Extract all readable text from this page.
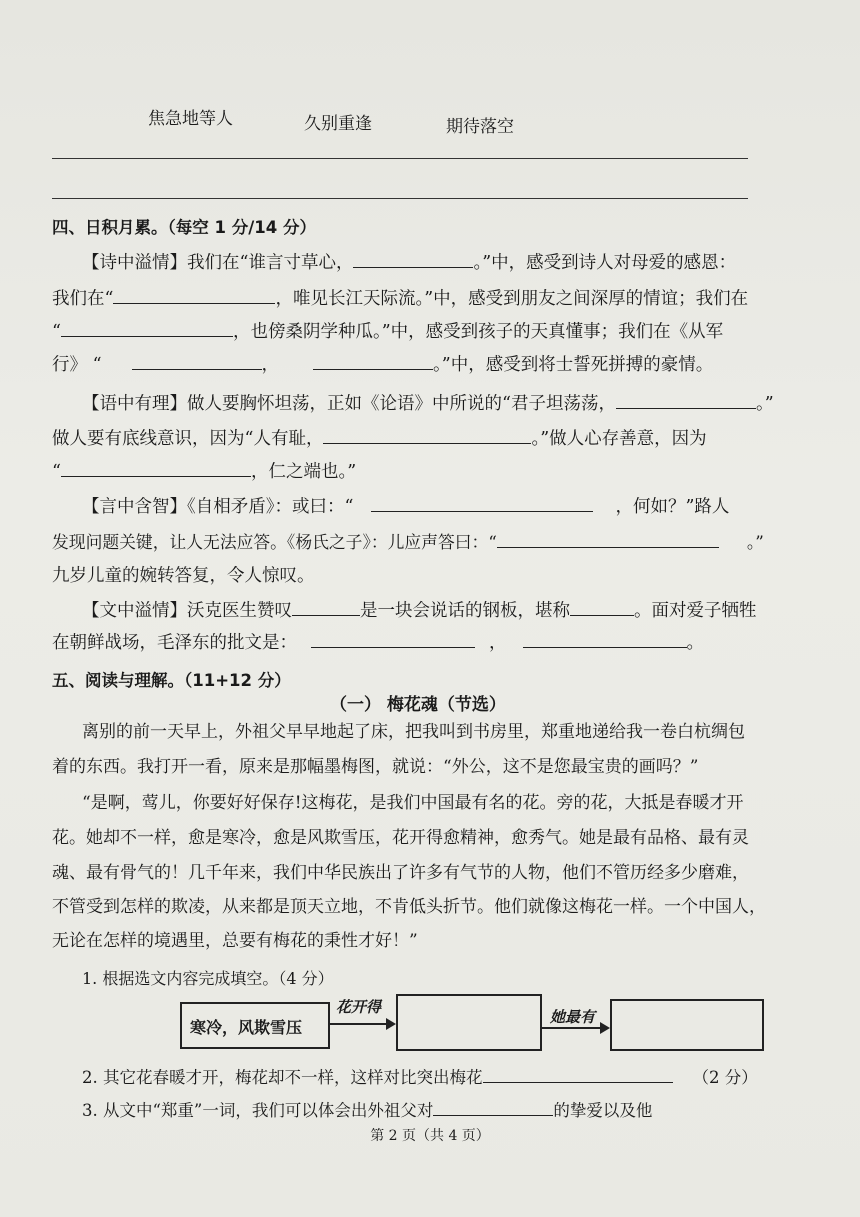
焦急地等人	久别重逢	期待落空
四、日积月累。（每空 1 分/14 分）
【诗中溢情】我们在“谁言寸草心，	。”中，感受到诗人对母爱的感恩：
我们在“	，唯见长江天际流。”中，感受到朋友之间深厚的情谊；我们在
“	，也傍桑阴学种瓜。”中，感受到孩子的天真懂事；我们在《从军
行》 “	，	。”中，感受到将士誓死拼搏的豪情。
【语中有理】做人要胸怀坦荡，正如《论语》中所说的“君子坦荡荡，	。”
做人要有底线意识，因为“人有耻，	。”做人心存善意，因为
“	，仁之端也。”
【言中含智】《自相矛盾》：或曰：“	，何如？”路人
发现问题关键，让人无法应答。《杨氏之子》：儿应声答曰：“	。”
九岁儿童的婉转答复，令人惊叹。
【文中溢情】沃克医生赞叹	是一块会说话的钢板，堪称	。面对爱子牺牲
在朝鲜战场，毛泽东的批文是：	，	。
五、阅读与理解。（11+12 分）
（一） 梅花魂（节选）
离别的前一天早上，外祖父早早地起了床，把我叫到书房里，郑重地递给我一卷白杭绸包
着的东西。我打开一看，原来是那幅墨梅图，就说：“外公，这不是您最宝贵的画吗？”
“是啊，莺儿，你要好好保存!这梅花，是我们中国最有名的花。旁的花，大抵是春暖才开
花。她却不一样，愈是寒冷，愈是风欺雪压，花开得愈精神，愈秀气。她是最有品格、最有灵
魂、最有骨气的！几千年来，我们中华民族出了许多有气节的人物，他们不管历经多少磨难，
不管受到怎样的欺凌，从来都是顶天立地，不肯低头折节。他们就像这梅花一样。一个中国人，
无论在怎样的境遇里，总要有梅花的秉性才好！”
1. 根据选文内容完成填空。（4 分）
寒冷，风欺雪压
花开得
她最有
2. 其它花春暖才开，梅花却不一样，这样对比突出梅花	（2 分）
3. 从文中“郑重”一词，我们可以体会出外祖父对	的挚爱以及他
第 2 页（共 4 页）
